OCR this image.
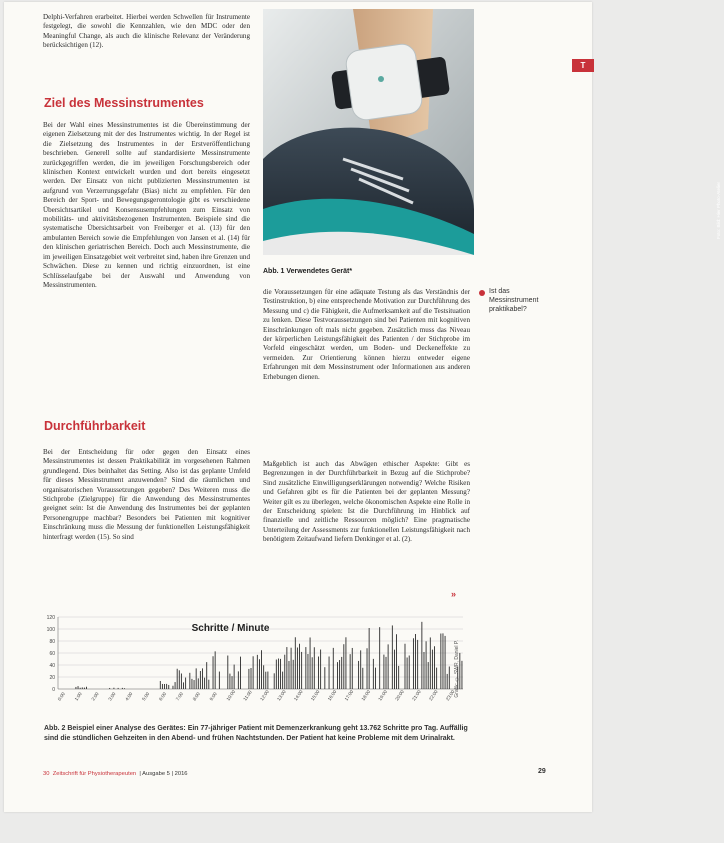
T

Delphi-Verfahren erarbeitet. Hierbei werden Schwellen für Instrumente festgelegt, die sowohl die Kennzahlen, wie den MDC oder den Meaningful Change, als auch die klinische Relevanz der Veränderung berücksichtigen (12).

Ziel des Messinstrumentes

Bei der Wahl eines Messinstrumentes ist die Übereinstimmung der eigenen Zielsetzung mit der des Instrumentes wichtig. In der Regel ist die Zielsetzung des Instrumentes in der Erstveröffentlichung beschrieben. Generell sollte auf standardisierte Messinstrumente zurückgegriffen werden, die im jeweiligen Forschungsbereich oder klinischen Kontext entwickelt wurden und dort bereits eingesetzt werden. Der Einsatz von nicht publizierten Messinstrumenten ist aufgrund von Verzerrungsgefahr (Bias) nicht zu empfehlen. Für den Bereich der Sport- und Bewegungsgerontologie gibt es verschiedene Übersichtsartikel und Konsensusempfehlungen zum Einsatz von mobilitäts- und aktivitätsbezogenen Instrumenten. Beispiele sind die systematische Übersichtsarbeit von Freiberger et al. (13) für den ambulanten Bereich sowie die Empfehlungen von Jansen et al. (14) für den klinischen geriatrischen Bereich. Doch auch Messinstrumente, die im jeweiligen Einsatzgebiet weit verbreitet sind, haben ihre Grenzen und Schwächen. Diese zu kennen und richtig einzuordnen, ist eine Schlüsselaufgabe bei der Auswahl und Anwendung von Messinstrumenten.

Durchführbarkeit

Bei der Entscheidung für oder gegen den Einsatz eines Messinstrumentes ist dessen Praktikabilität im vorgesehenen Rahmen grundlegend. Dies beinhaltet das Setting. Also ist das geplante Umfeld für dieses Messinstrument anzuwenden? Sind die räumlichen und organisatorischen Voraussetzungen gegeben? Des Weiteren muss die Stichprobe (Zielgruppe) für die Anwendung des Messinstrumentes geeignet sein: Ist die Anwendung des Instrumentes bei der geplanten Personengruppe machbar? Besonders bei Patienten mit kognitiver Einschränkung muss die Messung der funktionellen Leistungsfähigkeit hinterfragt werden (15). So sind

Foto: Bild: Hier Photo-Atelier
Abb. 1 Verwendetes Gerät*

die Voraussetzungen für eine adäquate Testung als das Verständnis der Testinstruktion, b) eine entsprechende Motivation zur Durchführung des Messung und c) die Fähigkeit, die Aufmerksamkeit auf die Testsituation zu lenken. Diese Testvoraussetzungen sind bei Patienten mit kognitiven Einschränkungen oft mals nicht gegeben. Zusätzlich muss das Niveau der körperlichen Leistungsfähigkeit des Patienten / der Stichprobe im Vorfeld eingeschätzt werden, um Boden- und Deckeneffekte zu vermeiden. Zur Orientierung können hierzu entweder eigene Erfahrungen mit dem Messinstrument oder Informationen aus anderen Erhebungen dienen.

Maßgeblich ist auch das Abwägen ethischer Aspekte: Gibt es Begrenzungen in der Durchführbarkeit in Bezug auf die Stichprobe? Sind zusätzliche Einwilligungserklärungen notwendig? Welche Risiken und Gefahren gibt es für die Patienten bei der geplanten Messung? Weiter gilt es zu überlegen, welche ökonomischen Aspekte eine Rolle in der Entscheidung spielen: Ist die Durchführung im Hinblick auf finanzielle und zeitliche Ressourcen möglich? Eine pragmatische Unterteilung der Assessments zur funktionellen Leistungsfähigkeit nach benötigtem Zeitaufwand liefern Denkinger et al. (2).

»
Ist das Messinstrument praktikabel?
0
20
40
60
80
100
120
Schritte / Minute
0:00 1:00 2:00 3:00 4:00 5:00 6:00 7:00 8:00 9:00 10:00 11:00 12:00 13:00 14:00 15:00 16:00 17:00 18:00 19:00 20:00 21:00 22:00 23:00
Grafik: © SWR, Daniel P.
Abb. 2 Beispiel einer Analyse des Gerätes: Ein 77-jähriger Patient mit Demenzerkrankung geht 13.762 Schritte pro Tag. Auffällig sind die stündlichen Gehzeiten in den Abend- und frühen Nachtstunden. Der Patient hat keine Probleme mit dem Urinalrakt.
30 Zeitschrift für Physiotherapeuten | Ausgabe 5 | 2016	29
